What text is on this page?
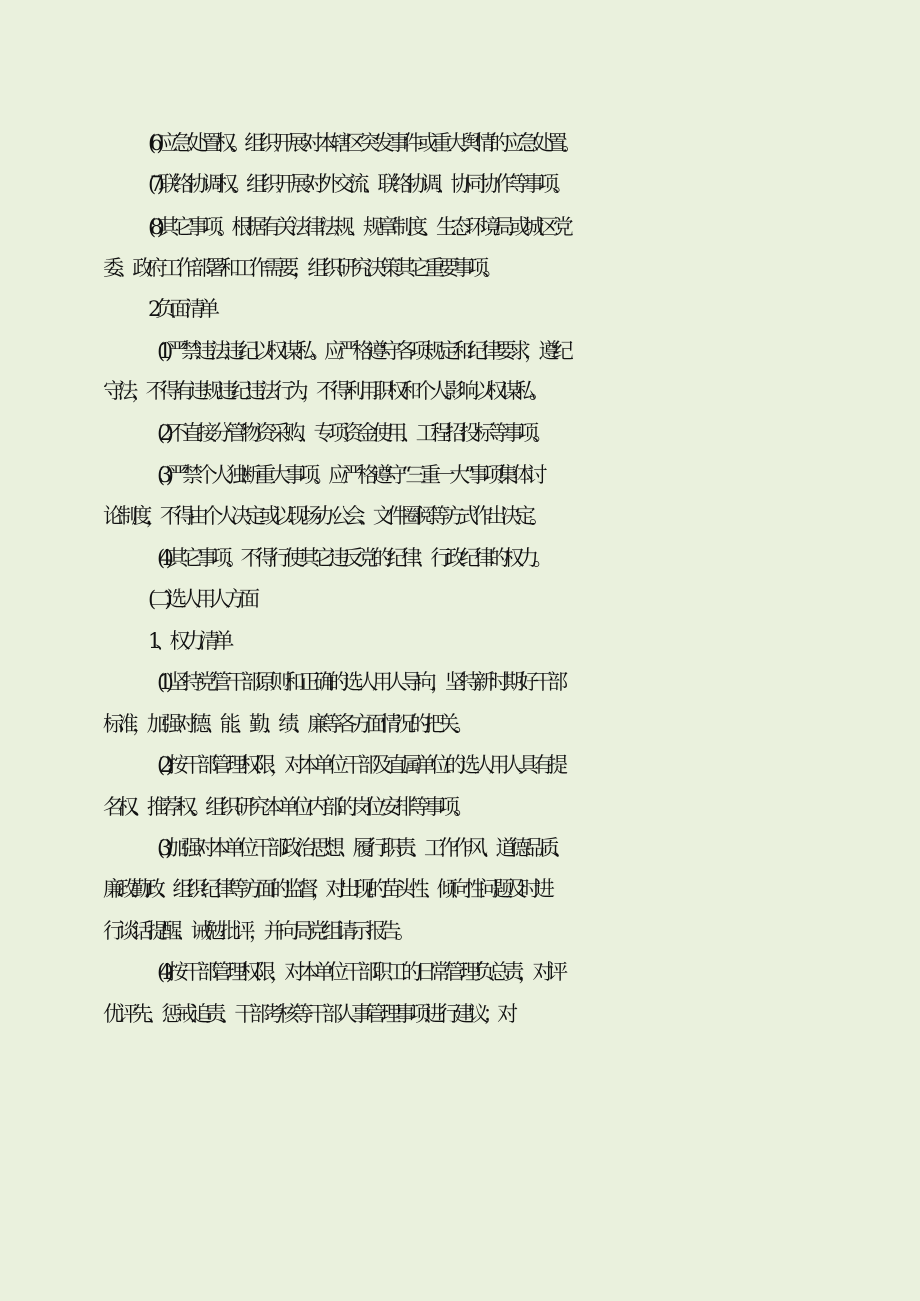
(6)应急处置权。组织开展对本辖区突发事件或重大舆情的应急处置。
(7)联络协调权。组织开展对外交流、联络协调、协同协作等事项。
(8)其它事项。根据有关法律法规、规章制度、生态环境局或城区党
委、政府工作部署和工作需要，组织研究决策其它重要事项。
2.负面清单
(1)严禁违法违纪以权谋私。应严格遵守各项规定和纪律要求，遵纪
守法，不得有违规违纪违法行为，不得利用职权和个人影响以权谋私。
(2)不直接分管物资采购、专项资金使用、工程招投标等事项。
(3)严禁个人独断重大事项。应严格遵守“三重一大”事项集体讨
论制度，不得由个人决定或以现场办公会、文件圈阅等方式作出决定。
(4)其它事项。不得行使其它违反党的纪律、行政纪律的权力。
(二)选人用人方面
1、权力清单
(1)坚持党管干部原则和正确的选人用人导向，坚持新时期好干部
标准，加强对德、能、勤、绩、廉等各方面情况的把关。
(2)按干部管理权限，对本单位干部及直属单位的选人用人具有提
名权、推荐权。组织研究本单位内部的岗位安排等事项。
(3)加强对本单位干部政治思想、履行职责、工作作风、道德品质、
廉政勤政、组织纪律等方面的监督，对出现的苗头性、倾向性问题及时进
行谈话提醒、诫勉批评，并向局党组请示报告。
(4)按干部管理权限，对本单位干部职工的日常管理负总责，对评
优评先、惩戒追责、干部考核等干部人事管理事项进行建议；对
